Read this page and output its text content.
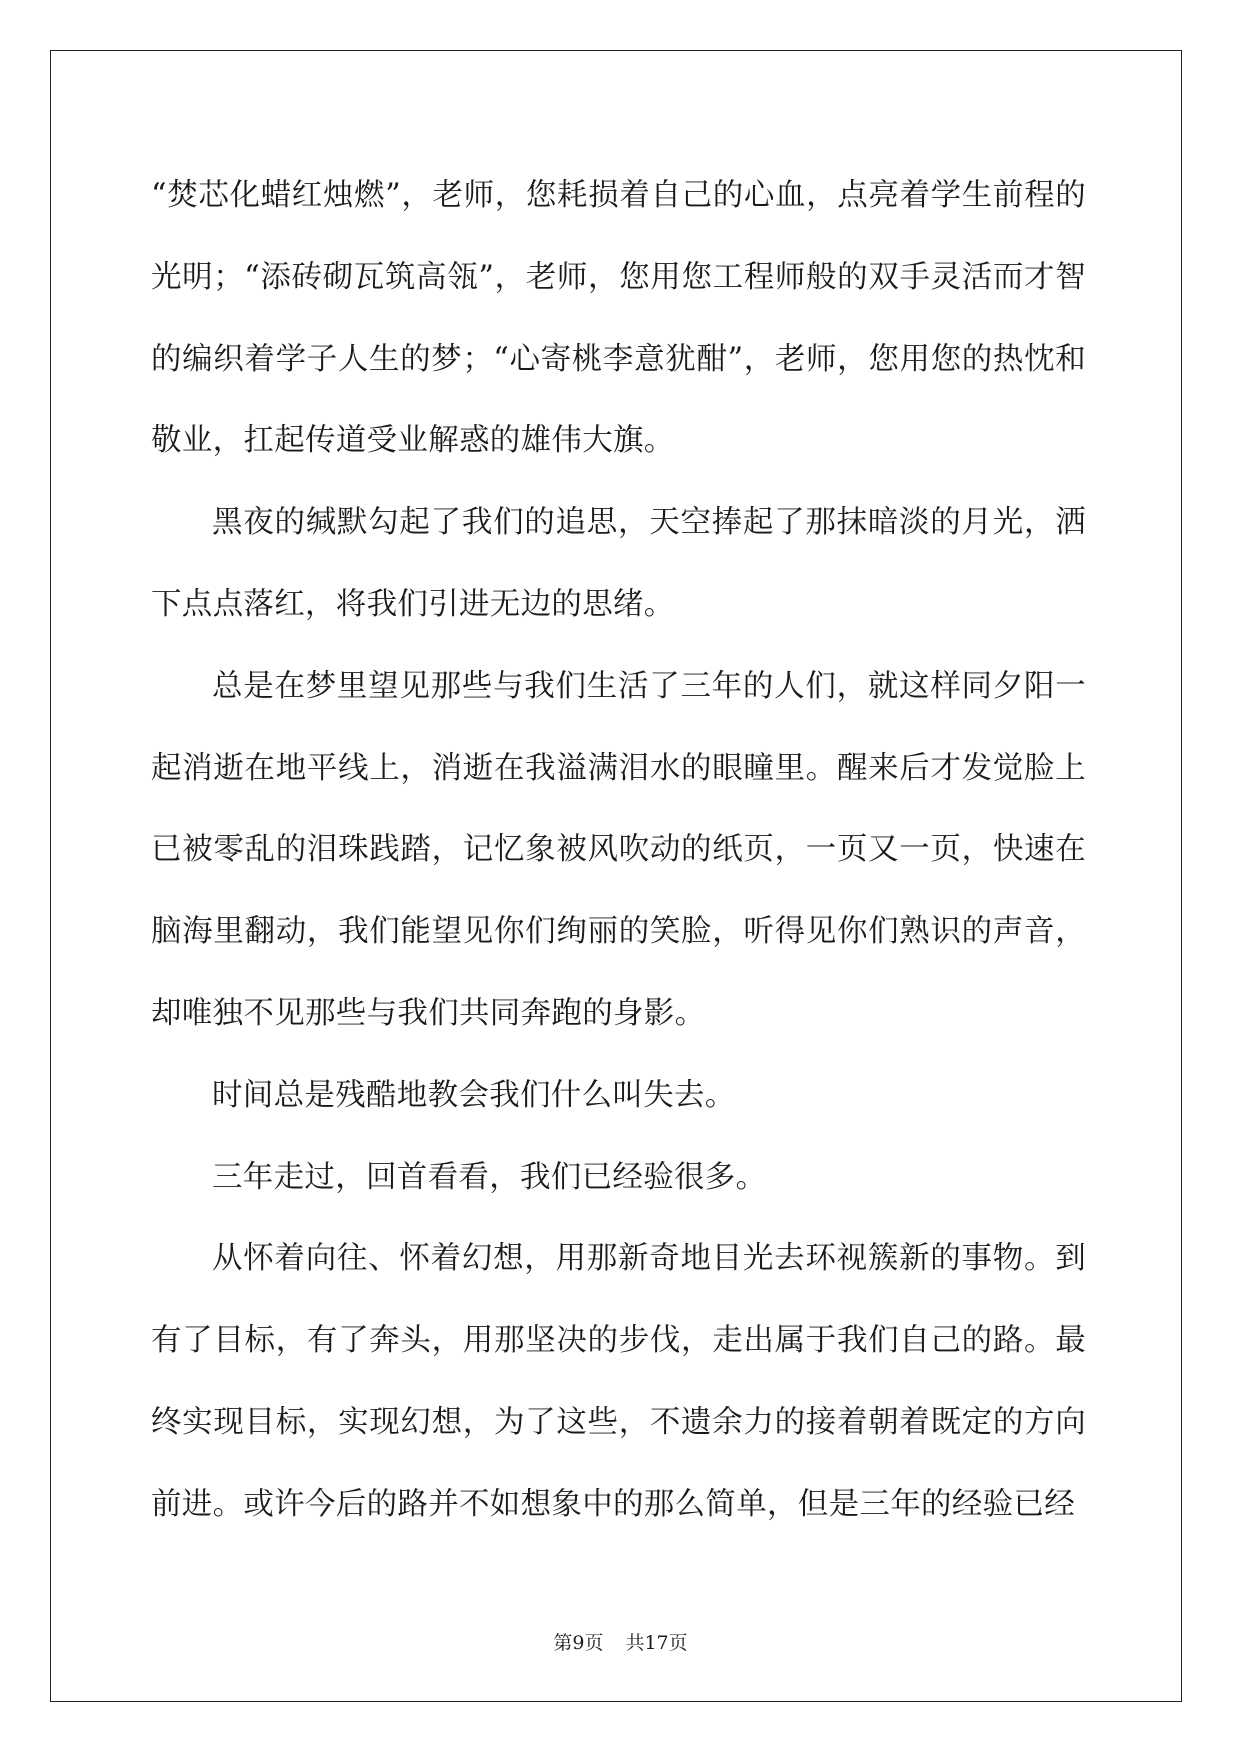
“焚芯化蜡红烛燃”，老师，您耗损着自己的心血，点亮着学生前程的光明；“添砖砌瓦筑高瓴”，老师，您用您工程师般的双手灵活而才智的编织着学子人生的梦；“心寄桃李意犹酣”，老师，您用您的热忱和敬业，扛起传道受业解惑的雄伟大旗。

黑夜的缄默勾起了我们的追思，天空捧起了那抹暗淡的月光，洒下点点落红，将我们引进无边的思绪。

总是在梦里望见那些与我们生活了三年的人们，就这样同夕阳一起消逝在地平线上，消逝在我溢满泪水的眼瞳里。醒来后才发觉脸上已被零乱的泪珠践踏，记忆象被风吹动的纸页，一页又一页，快速在脑海里翻动，我们能望见你们绚丽的笑脸，听得见你们熟识的声音，却唯独不见那些与我们共同奔跑的身影。

时间总是残酷地教会我们什么叫失去。

三年走过，回首看看，我们已经验很多。

从怀着向往、怀着幻想，用那新奇地目光去环视簇新的事物。到有了目标，有了奔头，用那坚决的步伐，走出属于我们自己的路。最终实现目标，实现幻想，为了这些，不遗余力的接着朝着既定的方向前进。或许今后的路并不如想象中的那么简单，但是三年的经验已经

第9页 共17页
